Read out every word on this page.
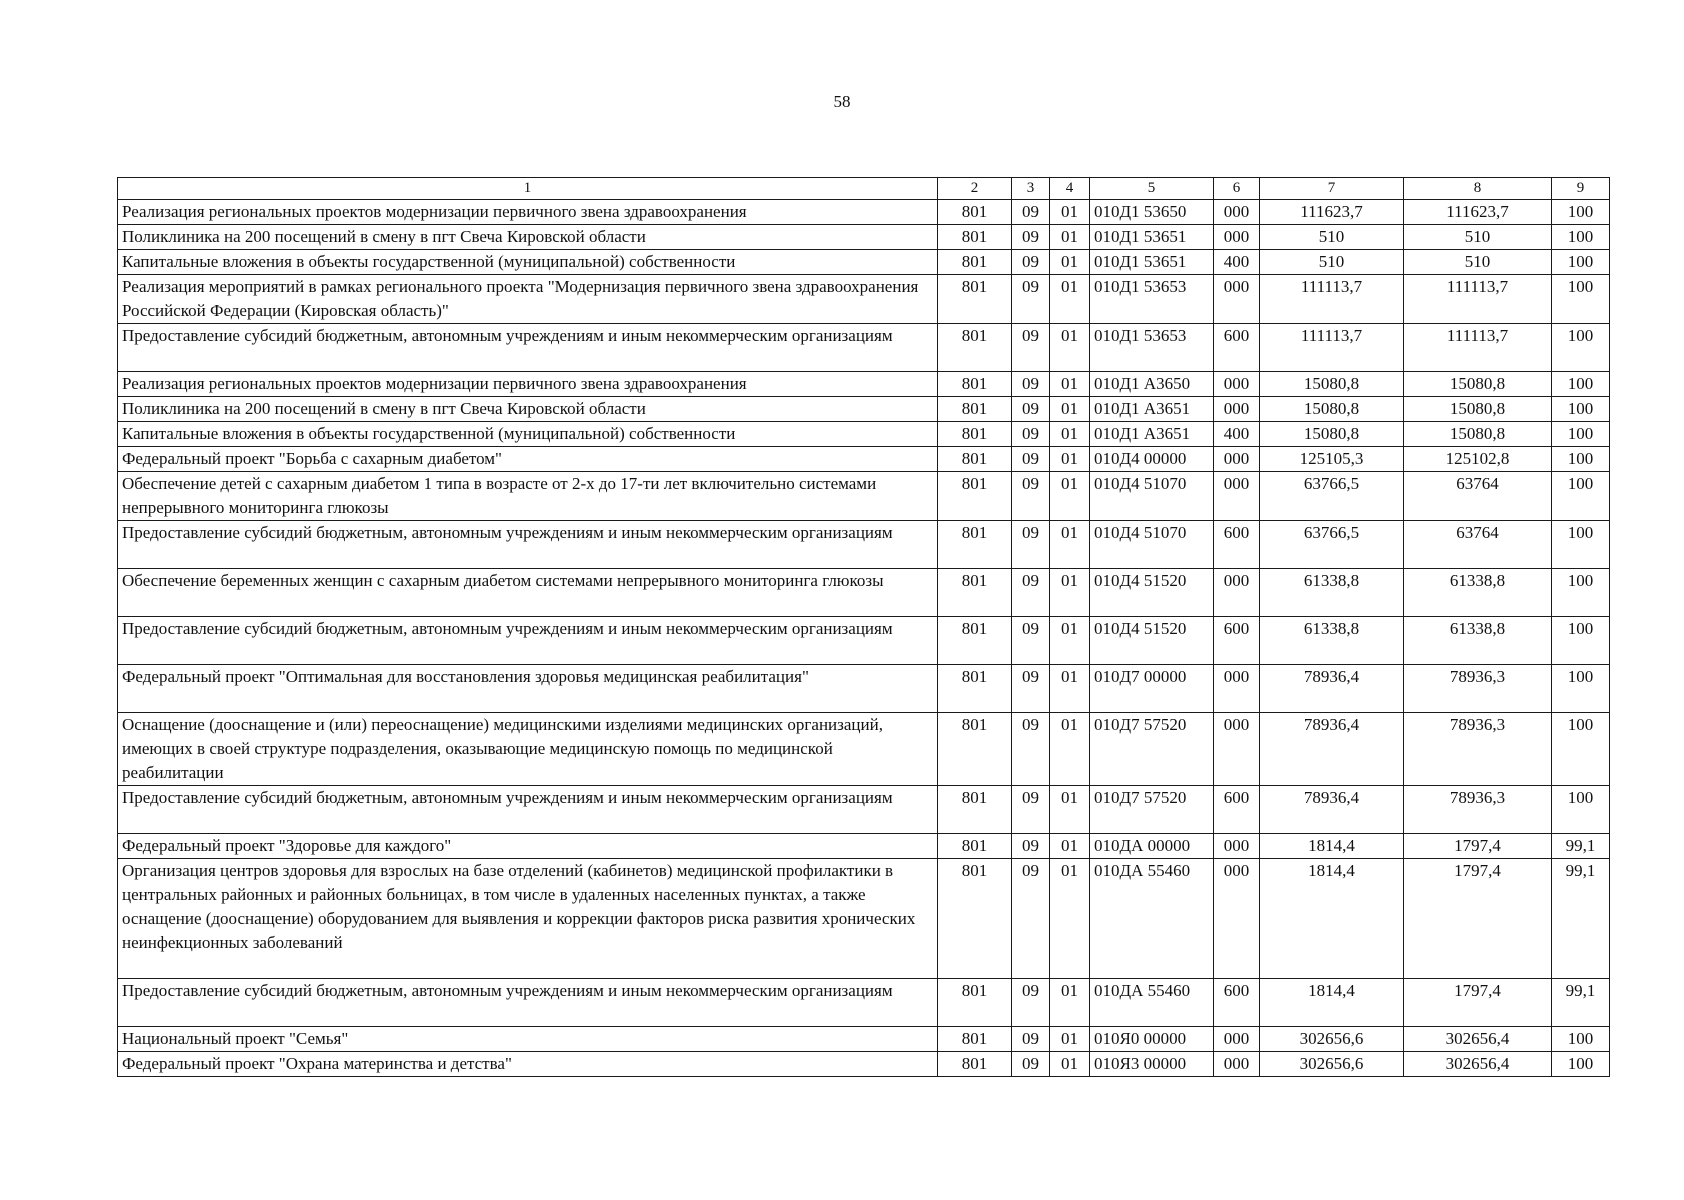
58
1	2	3	4	5	6	7	8	9
Реализация региональных проектов модернизации первичного звена здравоохранения	801	09	01	010Д1 53650	000	111623,7	111623,7	100
Поликлиника на 200 посещений в смену в пгт Свеча Кировской области	801	09	01	010Д1 53651	000	510	510	100
Капитальные вложения в объекты государственной (муниципальной) собственности	801	09	01	010Д1 53651	400	510	510	100
Реализация мероприятий в рамках регионального проекта "Модернизация первичного звена здравоохранения Российской Федерации (Кировская область)"	801	09	01	010Д1 53653	000	111113,7	111113,7	100
Предоставление субсидий бюджетным, автономным учреждениям и иным некоммерческим организациям	801	09	01	010Д1 53653	600	111113,7	111113,7	100
Реализация региональных проектов модернизации первичного звена здравоохранения	801	09	01	010Д1 А3650	000	15080,8	15080,8	100
Поликлиника на 200 посещений в смену в пгт Свеча Кировской области	801	09	01	010Д1 А3651	000	15080,8	15080,8	100
Капитальные вложения в объекты государственной (муниципальной) собственности	801	09	01	010Д1 А3651	400	15080,8	15080,8	100
Федеральный проект "Борьба с сахарным диабетом"	801	09	01	010Д4 00000	000	125105,3	125102,8	100
Обеспечение детей с сахарным диабетом 1 типа в возрасте от 2-х до 17-ти лет включительно системами непрерывного мониторинга глюкозы	801	09	01	010Д4 51070	000	63766,5	63764	100
Предоставление субсидий бюджетным, автономным учреждениям и иным некоммерческим организациям	801	09	01	010Д4 51070	600	63766,5	63764	100
Обеспечение беременных женщин с сахарным диабетом системами непрерывного мониторинга глюкозы	801	09	01	010Д4 51520	000	61338,8	61338,8	100
Предоставление субсидий бюджетным, автономным учреждениям и иным некоммерческим организациям	801	09	01	010Д4 51520	600	61338,8	61338,8	100
Федеральный проект "Оптимальная для восстановления здоровья медицинская реабилитация"	801	09	01	010Д7 00000	000	78936,4	78936,3	100
Оснащение (дооснащение и (или) переоснащение) медицинскими изделиями медицинских организаций, имеющих в своей структуре подразделения, оказывающие медицинскую помощь по медицинской реабилитации	801	09	01	010Д7 57520	000	78936,4	78936,3	100
Предоставление субсидий бюджетным, автономным учреждениям и иным некоммерческим организациям	801	09	01	010Д7 57520	600	78936,4	78936,3	100
Федеральный проект "Здоровье для каждого"	801	09	01	010ДА 00000	000	1814,4	1797,4	99,1
Организация центров здоровья для взрослых на базе отделений (кабинетов) медицинской профилактики в центральных районных и районных больницах, в том числе в удаленных населенных пунктах, а также оснащение (дооснащение) оборудованием для выявления и коррекции факторов риска развития хронических неинфекционных заболеваний	801	09	01	010ДА 55460	000	1814,4	1797,4	99,1
Предоставление субсидий бюджетным, автономным учреждениям и иным некоммерческим организациям	801	09	01	010ДА 55460	600	1814,4	1797,4	99,1
Национальный проект "Семья"	801	09	01	010Я0 00000	000	302656,6	302656,4	100
Федеральный проект "Охрана материнства и детства"	801	09	01	010Я3 00000	000	302656,6	302656,4	100
